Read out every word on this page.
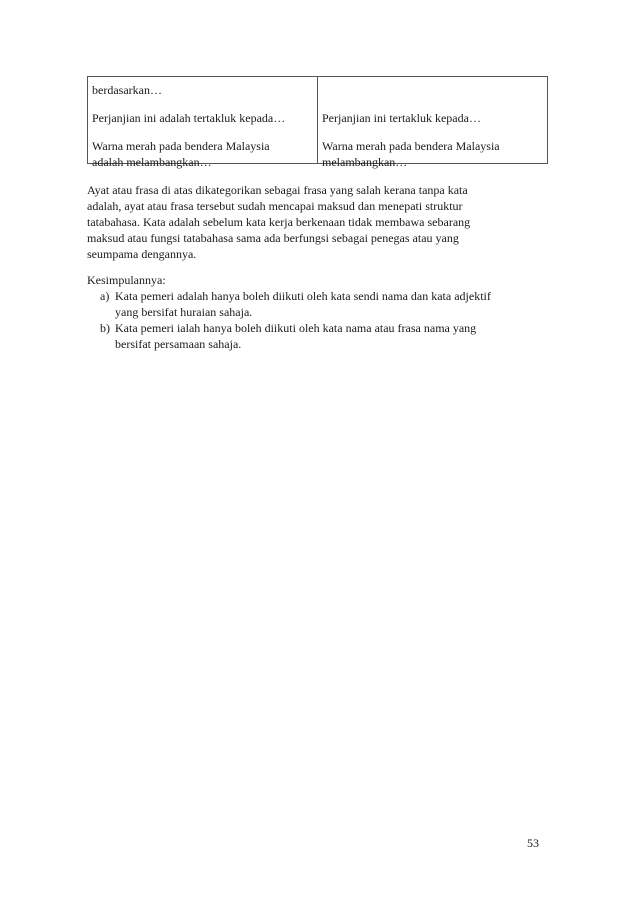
berdasarkan…
Perjanjian ini adalah tertakluk kepada…
Warna merah pada bendera Malaysia
adalah melambangkan…

Perjanjian ini tertakluk kepada…
Warna merah pada bendera Malaysia
melambangkan…
Ayat atau frasa di atas dikategorikan sebagai frasa yang salah kerana tanpa kata
adalah, ayat atau frasa tersebut sudah mencapai maksud dan menepati struktur
tatabahasa. Kata adalah sebelum kata kerja berkenaan tidak membawa sebarang
maksud atau fungsi tatabahasa sama ada berfungsi sebagai penegas atau yang
seumpama dengannya.
Kesimpulannya:
a) Kata pemeri adalah hanya boleh diikuti oleh kata sendi nama dan kata adjektif
yang bersifat huraian sahaja.
b) Kata pemeri ialah hanya boleh diikuti oleh kata nama atau frasa nama yang
bersifat persamaan sahaja.
53
